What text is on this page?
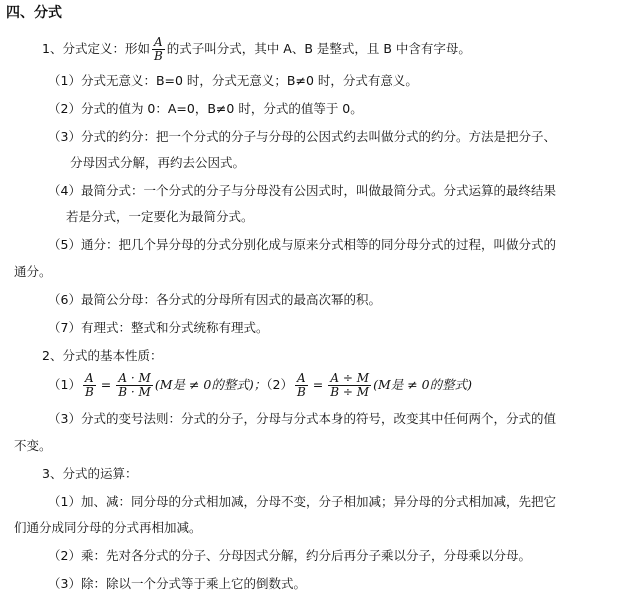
四、分式
1、分式定义：形如 $\frac{A}{B}$ 的式子叫分式，其中 A、B 是整式，且 B 中含有字母。
（1）分式无意义：B=0 时，分式无意义；B≠0 时，分式有意义。
（2）分式的值为 0：A=0，B≠0 时，分式的值等于 0。
（3）分式的约分：把一个分式的分子与分母的公因式约去叫做分式的约分。方法是把分子、
分母因式分解，再约去公因式。
（4）最简分式：一个分式的分子与分母没有公因式时，叫做最简分式。分式运算的最终结果
若是分式，一定要化为最简分式。
（5）通分：把几个异分母的分式分别化成与原来分式相等的同分母分式的过程，叫做分式的
通分。
（6）最简公分母：各分式的分母所有因式的最高次幂的积。
（7）有理式：整式和分式统称有理式。
2、分式的基本性质：
$(1) \frac{A}{B} = \frac{A \cdot M}{B \cdot M} (M$是 ≠ 0的整式)；$(2) \frac{A}{B} = \frac{A \div M}{B \div M} (M$是 ≠ 0的整式)
（3）分式的变号法则：分式的分子，分母与分式本身的符号，改变其中任何两个，分式的值
不变。
3、分式的运算：
（1）加、减：同分母的分式相加减，分母不变，分子相加减；异分母的分式相加减，先把它
们通分成同分母的分式再相加减。
（2）乘：先对各分式的分子、分母因式分解，约分后再分子乘以分子，分母乘以分母。
（3）除：除以一个分式等于乘上它的倒数式。
